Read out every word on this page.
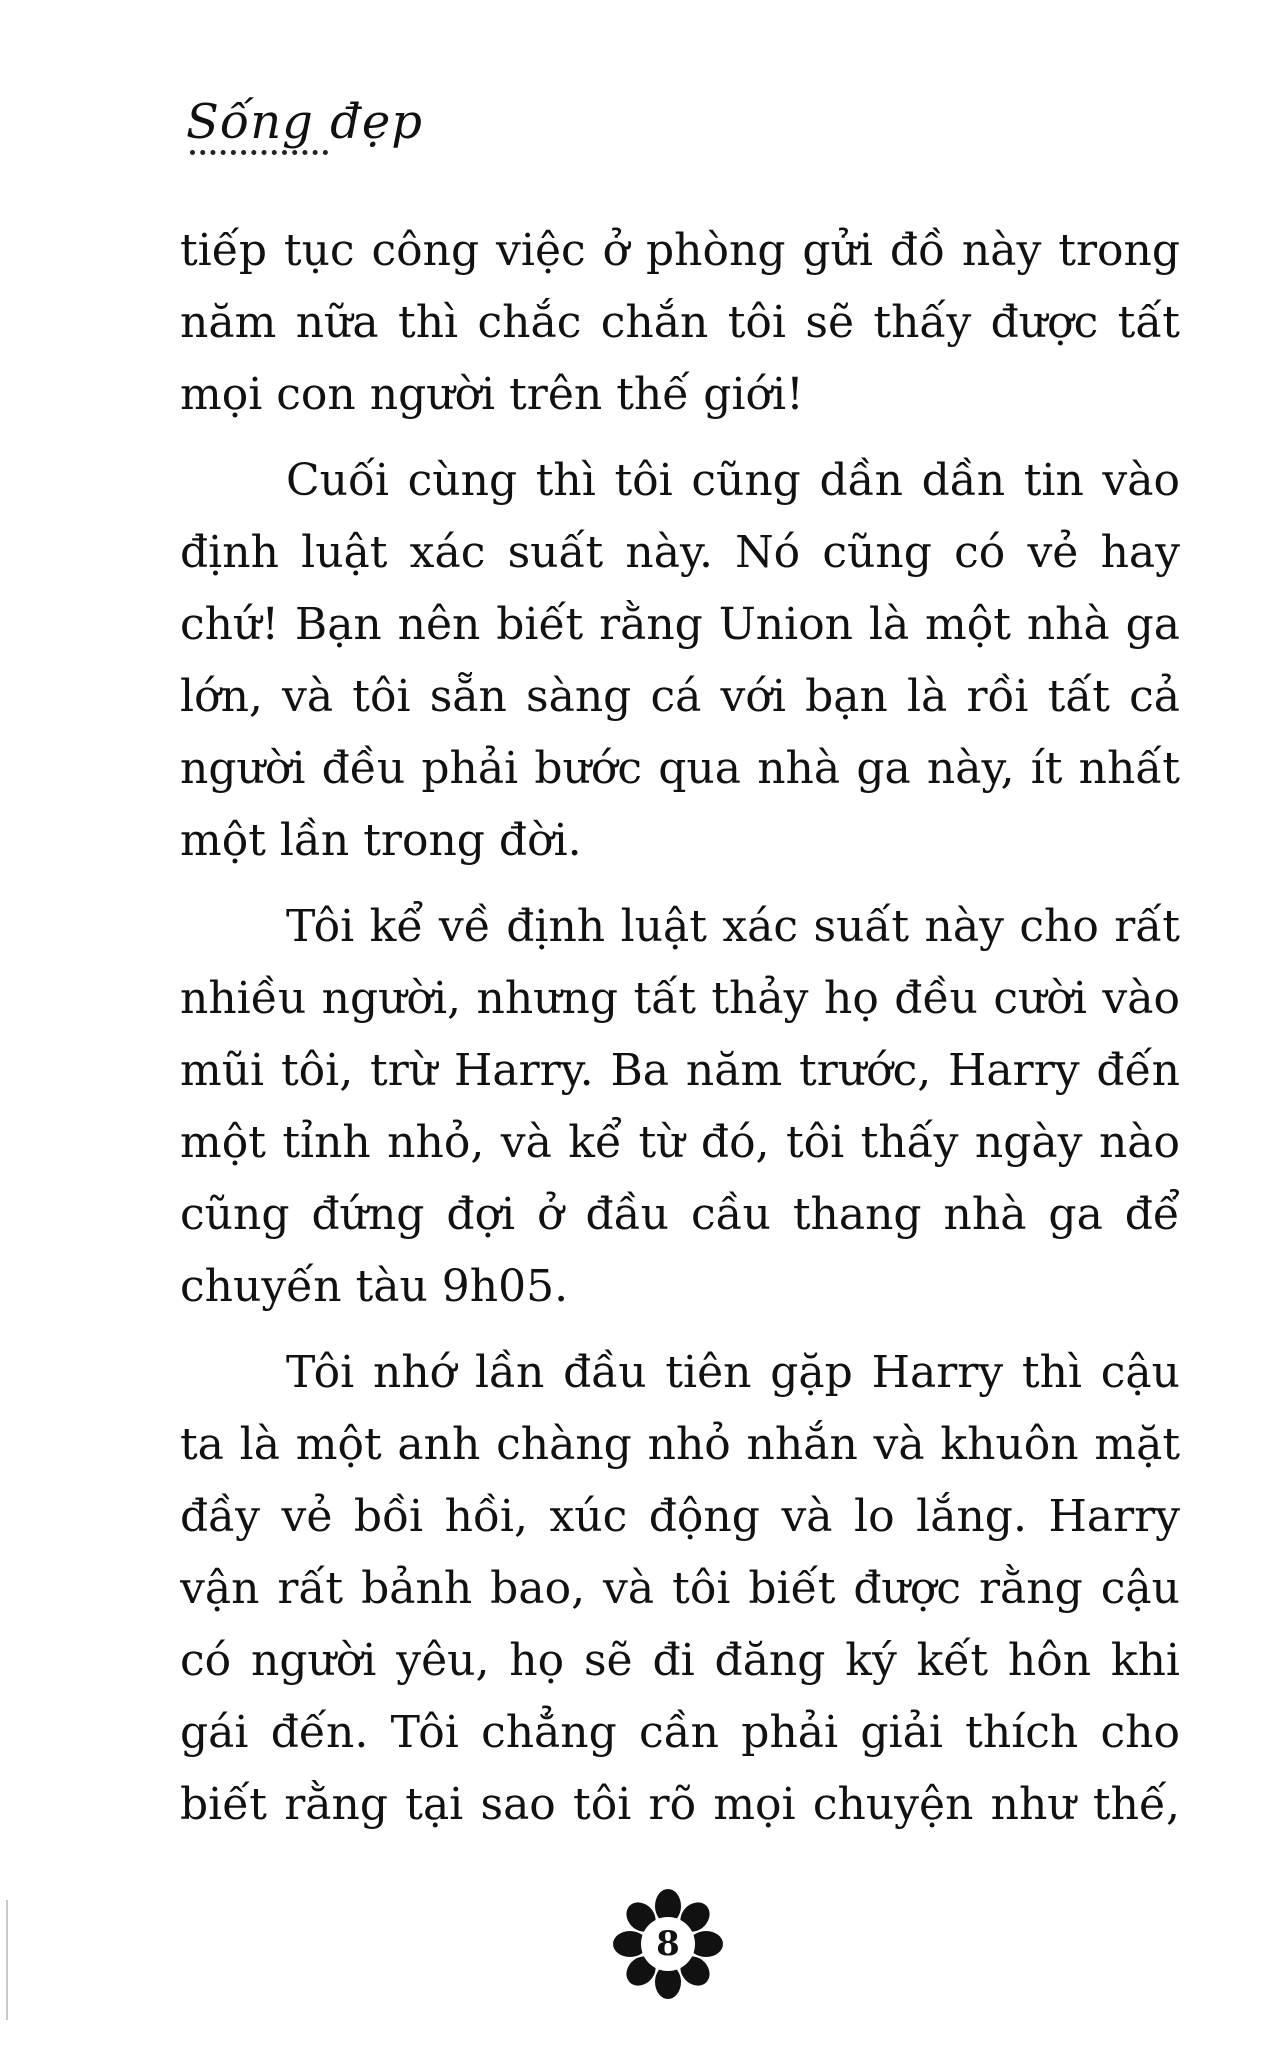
Sống đẹp
tiếp tục công việc ở phòng gửi đồ này trong
năm nữa thì chắc chắn tôi sẽ thấy được tất
mọi con người trên thế giới!
Cuối cùng thì tôi cũng dần dần tin vào
định luật xác suất này. Nó cũng có vẻ hay
chứ! Bạn nên biết rằng Union là một nhà ga
lớn, và tôi sẵn sàng cá với bạn là rồi tất cả
người đều phải bước qua nhà ga này, ít nhất
một lần trong đời.
Tôi kể về định luật xác suất này cho rất
nhiều người, nhưng tất thảy họ đều cười vào
mũi tôi, trừ Harry. Ba năm trước, Harry đến
một tỉnh nhỏ, và kể từ đó, tôi thấy ngày nào
cũng đứng đợi ở đầu cầu thang nhà ga để
chuyến tàu 9h05.
Tôi nhớ lần đầu tiên gặp Harry thì cậu
ta là một anh chàng nhỏ nhắn và khuôn mặt
đầy vẻ bồi hồi, xúc động và lo lắng. Harry
vận rất bảnh bao, và tôi biết được rằng cậu
có người yêu, họ sẽ đi đăng ký kết hôn khi
gái đến. Tôi chẳng cần phải giải thích cho
biết rằng tại sao tôi rõ mọi chuyện như thế,
8
